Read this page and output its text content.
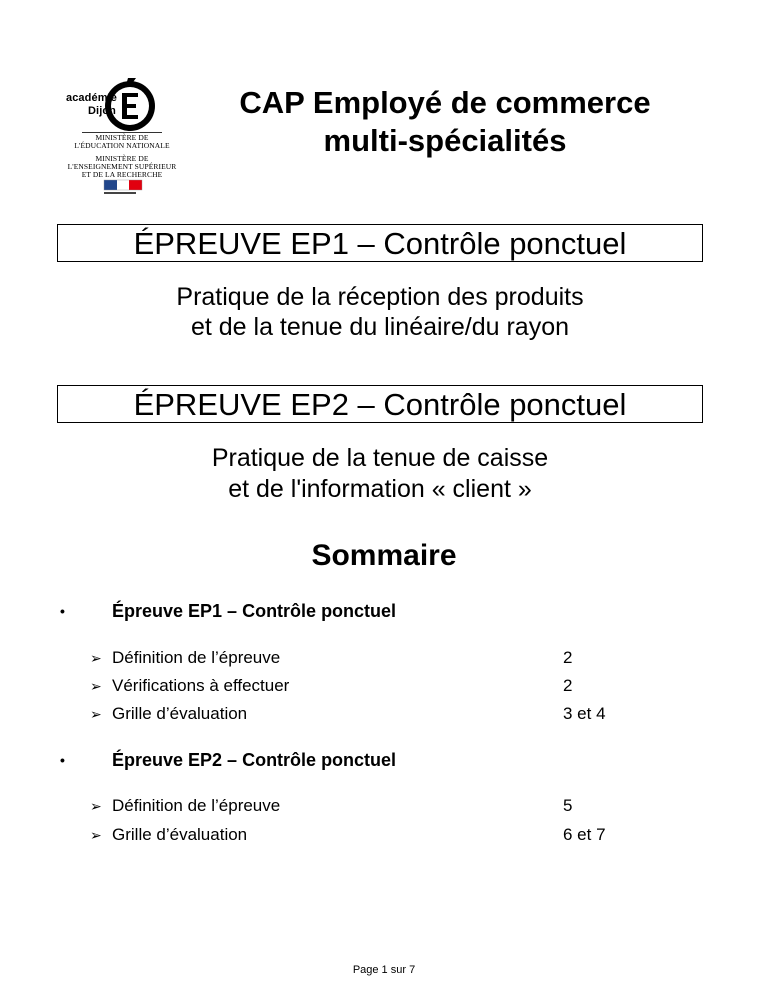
académie
Dijon
MINISTÈRE DE
L'ÉDUCATION NATIONALE
MINISTÈRE DE
L'ENSEIGNEMENT SUPÉRIEUR
ET DE LA RECHERCHE
CAP Employé de commerce
multi-spécialités
ÉPREUVE EP1 – Contrôle ponctuel
Pratique de la réception des produits
et de la tenue du linéaire/du rayon
ÉPREUVE EP2 – Contrôle ponctuel
Pratique de la tenue de caisse
et de l'information « client »
Sommaire
•	Épreuve EP1 – Contrôle ponctuel
➢ Définition de l’épreuve	2
➢ Vérifications à effectuer	2
➢ Grille d’évaluation	3 et 4
•	Épreuve EP2 – Contrôle ponctuel
➢ Définition de l’épreuve	5
➢ Grille d’évaluation	6 et 7
Page 1 sur 7
